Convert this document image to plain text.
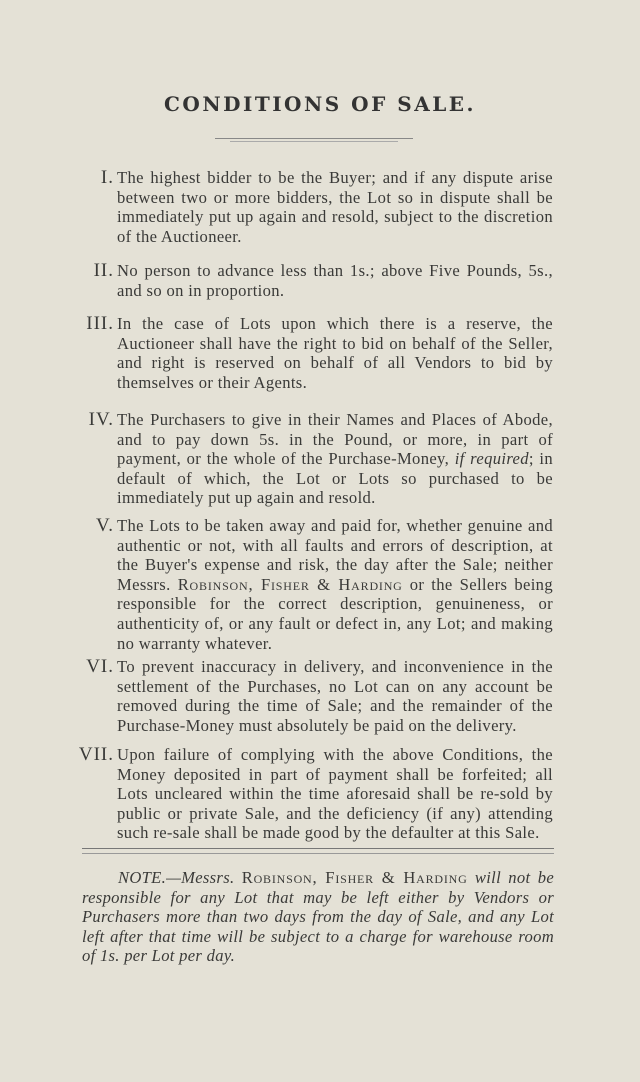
CONDITIONS OF SALE.
I. The highest bidder to be the Buyer; and if any dispute arise between two or more bidders, the Lot so in dispute shall be immediately put up again and resold, subject to the discretion of the Auctioneer.
II. No person to advance less than 1s.; above Five Pounds, 5s., and so on in proportion.
III. In the case of Lots upon which there is a reserve, the Auctioneer shall have the right to bid on behalf of the Seller, and right is reserved on behalf of all Vendors to bid by themselves or their Agents.
IV. The Purchasers to give in their Names and Places of Abode, and to pay down 5s. in the Pound, or more, in part of payment, or the whole of the Purchase-Money, if required; in default of which, the Lot or Lots so purchased to be immediately put up again and resold.
V. The Lots to be taken away and paid for, whether genuine and authentic or not, with all faults and errors of description, at the Buyer's expense and risk, the day after the Sale; neither Messrs. Robinson, Fisher & Harding or the Sellers being responsible for the correct description, genuineness, or authenticity of, or any fault or defect in, any Lot; and making no warranty whatever.
VI. To prevent inaccuracy in delivery, and inconvenience in the settlement of the Purchases, no Lot can on any account be removed during the time of Sale; and the remainder of the Purchase-Money must absolutely be paid on the delivery.
VII. Upon failure of complying with the above Conditions, the Money deposited in part of payment shall be forfeited; all Lots uncleared within the time aforesaid shall be re-sold by public or private Sale, and the deficiency (if any) attending such re-sale shall be made good by the defaulter at this Sale.
NOTE.—Messrs. Robinson, Fisher & Harding will not be responsible for any Lot that may be left either by Vendors or Purchasers more than two days from the day of Sale, and any Lot left after that time will be subject to a charge for warehouse room of 1s. per Lot per day.
